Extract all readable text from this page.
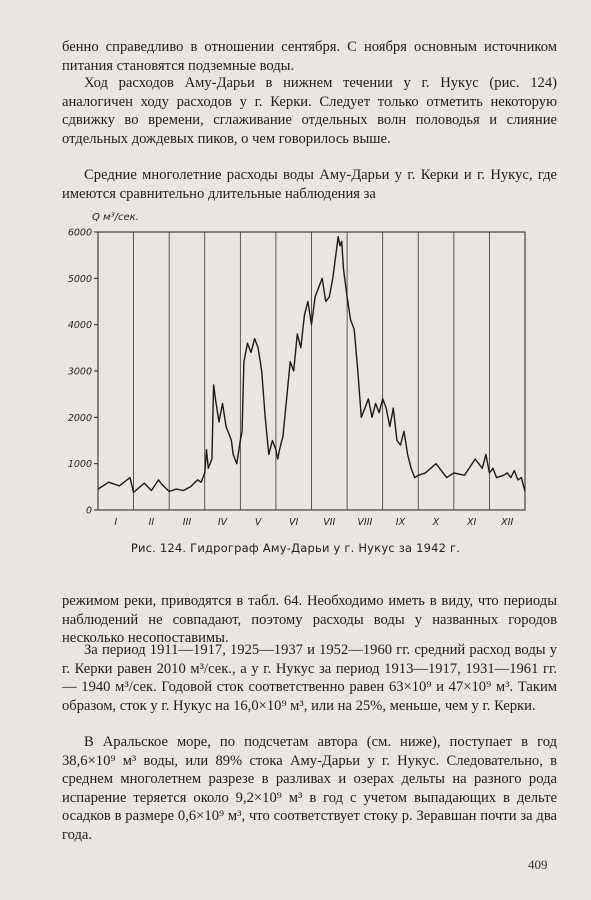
бенно справедливо в отношении сентября. С ноября основным источником питания становятся подземные воды.

Ход расходов Аму-Дарьи в нижнем течении у г. Нукус (рис. 124) аналогичен ходу расходов у г. Керки. Следует только отметить некоторую сдвижку во времени, сглаживание отдельных волн половодья и слияние отдельных дождевых пиков, о чем говорилось выше.

Средние многолетние расходы воды Аму-Дарьи у г. Керки и г. Нукус, где имеются сравнительно длительные наблюдения за

0
1000
2000
3000
4000
5000
6000
I	II	III	IV	V	VI	VII VIII IX	X	XI	XII
Q м³/сек.
Рис. 124. Гидрограф Аму-Дарьи у г. Нукус за 1942 г.

режимом реки, приводятся в табл. 64. Необходимо иметь в виду, что периоды наблюдений не совпадают, поэтому расходы воды у названных городов несколько несопоставимы.

За период 1911—1917, 1925—1937 и 1952—1960 гг. средний расход воды у г. Керки равен 2010 м³/сек., а у г. Нукус за период 1913—1917, 1931—1961 гг. — 1940 м³/сек. Годовой сток соответственно равен 63×10⁹ и 47×10⁹ м³. Таким образом, сток у г. Нукус на 16,0×10⁹ м³, или на 25%, меньше, чем у г. Керки.

В Аральское море, по подсчетам автора (см. ниже), поступает в год 38,6×10⁹ м³ воды, или 89% стока Аму-Дарьи у г. Нукус. Следовательно, в среднем многолетнем разрезе в разливах и озерах дельты на разного рода испарение теряется около 9,2×10⁹ м³ в год с учетом выпадающих в дельте осадков в размере 0,6×10⁹ м³, что соответствует стоку р. Зеравшан почти за два года.

409
